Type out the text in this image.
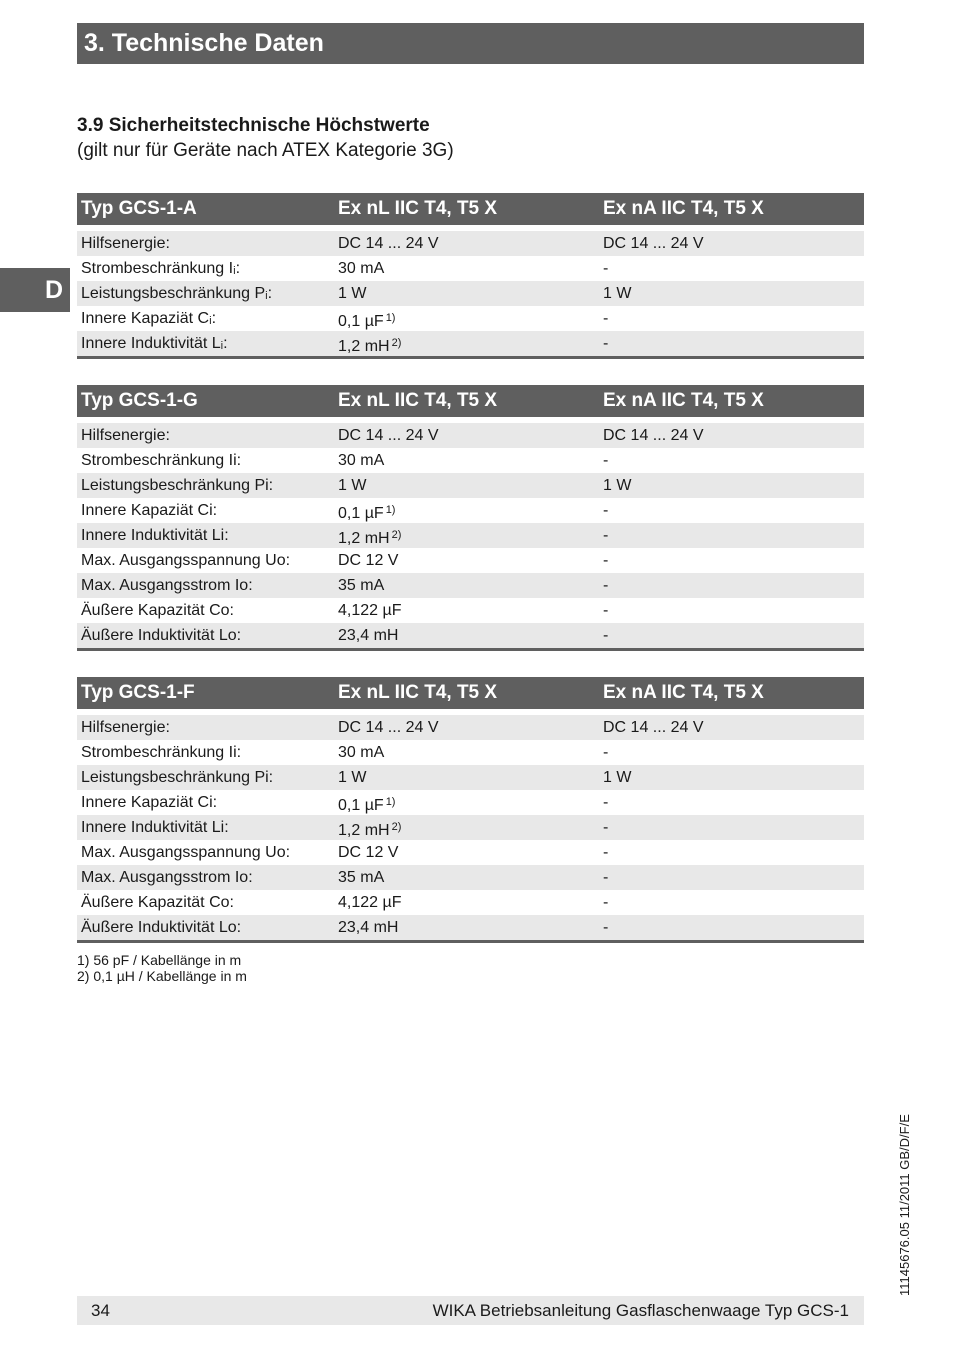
3. Technische Daten
D
3.9 Sicherheitstechnische Höchstwerte
(gilt nur für Geräte nach ATEX Kategorie 3G)
Typ GCS-1-A	Ex nL IIC T4, T5 X	Ex nA IIC T4, T5 X
Hilfsenergie:	DC 14 ... 24 V	DC 14 ... 24 V
Strombeschränkung Iᵢ:	30 mA	-
Leistungsbeschränkung Pᵢ:	1 W	1 W
Innere Kapaziät Cᵢ:	0,1 µF $^{1)}$	-
Innere Induktivität Lᵢ:	1,2 mH $^{2)}$	-
Typ GCS-1-G	Ex nL IIC T4, T5 X	Ex nA IIC T4, T5 X
Hilfsenergie:	DC 14 ... 24 V	DC 14 ... 24 V
Strombeschränkung Ii:	30 mA	-
Leistungsbeschränkung Pi:	1 W	1 W
Innere Kapaziät Ci:	0,1 µF $^{1)}$	-
Innere Induktivität Li:	1,2 mH $^{2)}$	-
Max. Ausgangsspannung Uo:	DC 12 V	-
Max. Ausgangsstrom Io:	35 mA	-
Äußere Kapazität Co:	4,122 µF	-
Äußere Induktivität Lo:	23,4 mH	-
Typ GCS-1-F	Ex nL IIC T4, T5 X	Ex nA IIC T4, T5 X
Hilfsenergie:	DC 14 ... 24 V	DC 14 ... 24 V
Strombeschränkung Ii:	30 mA	-
Leistungsbeschränkung Pi:	1 W	1 W
Innere Kapaziät Ci:	0,1 µF $^{1)}$	-
Innere Induktivität Li:	1,2 mH $^{2)}$	-
Max. Ausgangsspannung Uo:	DC 12 V	-
Max. Ausgangsstrom Io:	35 mA	-
Äußere Kapazität Co:	4,122 µF	-
Äußere Induktivität Lo:	23,4 mH	-
1) 56 pF / Kabellänge in m
2) 0,1 µH / Kabellänge in m
11145676.05 11/2011 GB/D/F/E
34	WIKA Betriebsanleitung Gasflaschenwaage Typ GCS-1
